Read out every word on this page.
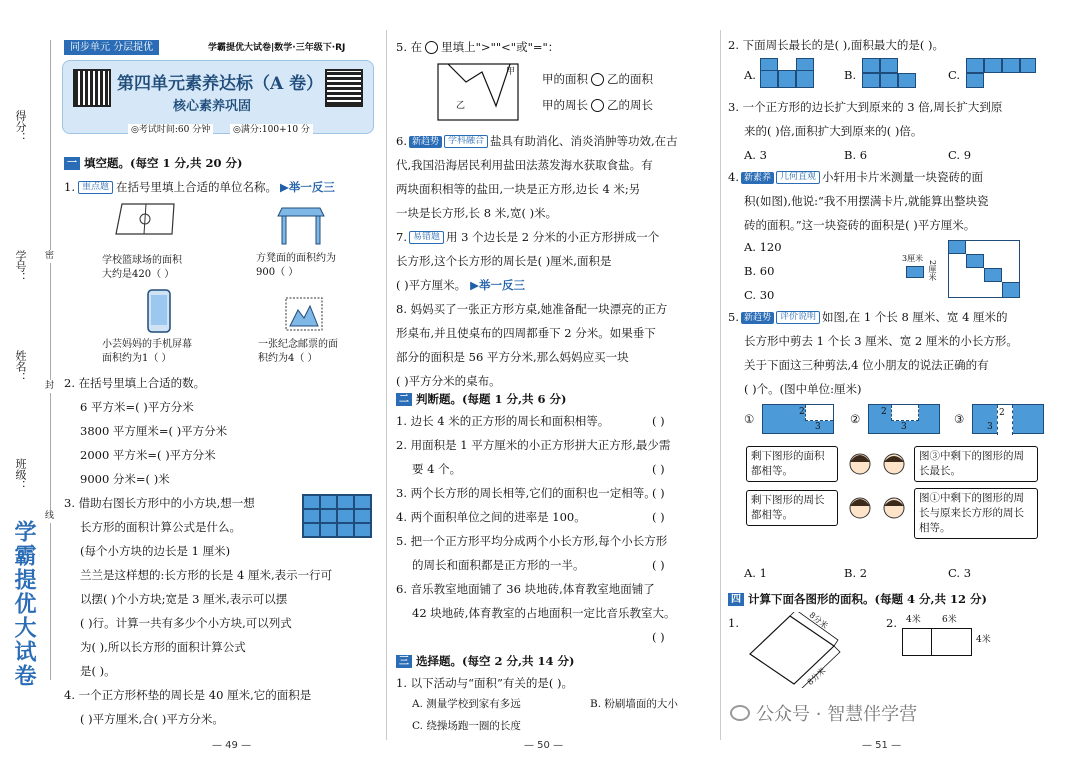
得分：
学号：
姓名：
班级：
密
封
线
学霸提优大试卷
同步单元 分层提优	学霸提优大试卷|数学·三年级下·RJ
第四单元素养达标（A 卷）
核心素养巩固
◎考试时间:60 分钟	◎满分:100+10 分
一 填空题。(每空 1 分,共 20 分)
1. 重点题 在括号里填上合适的单位名称。 ▶举一反三
学校篮球场的面积
大约是420（ ）
方凳面的面积约为
900（ ）
小芸妈妈的手机屏幕
面积约为1（ ）
一张纪念邮票的面
积约为4（ ）
2. 在括号里填上合适的数。
6 平方米=( )平方分米
3800 平方厘米=( )平方分米
2000 平方米=( )平方分米
9000 分米=( )米
3. 借助右图长方形中的小方块,想一想
长方形的面积计算公式是什么。
(每个小方块的边长是 1 厘米)
兰兰是这样想的:长方形的长是 4 厘米,表示一行可
以摆( )个小方块;宽是 3 厘米,表示可以摆
( )行。计算一共有多少个小方块,可以列式
为( ),所以长方形的面积计算公式
是( )。
4. 一个正方形杯垫的周长是 40 厘米,它的面积是
( )平方厘米,合( )平方分米。
— 49 —
5. 在 里填上">""<"或"="：
甲
乙
甲的面积 乙的面积
甲的周长 乙的周长
6. 新趋势	学科融合 盐具有助消化、消炎消肿等功效,在古
代,我国沿海居民利用盐田法蒸发海水获取食盐。有
两块面积相等的盐田,一块是正方形,边长 4 米;另
一块是长方形,长 8 米,宽( )米。
7. 易错题 用 3 个边长是 2 分米的小正方形拼成一个
长方形,这个长方形的周长是( )厘米,面积是
( )平方厘米。 ▶举一反三
8. 妈妈买了一张正方形方桌,她准备配一块漂亮的正方
形桌布,并且使桌布的四周都垂下 2 分米。如果垂下
部分的面积是 56 平方分米,那么妈妈应买一块
( )平方分米的桌布。
二 判断题。(每题 1 分,共 6 分)
1. 边长 4 米的正方形的周长和面积相等。	( )
2. 用面积是 1 平方厘米的小正方形拼大正方形,最少需
要 4 个。	( )
3. 两个长方形的周长相等,它们的面积也一定相等。
( )
4. 两个面积单位之间的进率是 100。	( )
5. 把一个正方形平均分成两个小长方形,每个小长方形
的周长和面积都是正方形的一半。	( )
6. 音乐教室地面铺了 36 块地砖,体育教室地面铺了
42 块地砖,体育教室的占地面积一定比音乐教室大。
( )
三 选择题。(每空 2 分,共 14 分)
1. 以下活动与“面积”有关的是( )。
A. 测量学校到家有多远	B. 粉刷墙面的大小
C. 绕操场跑一圈的长度
— 50 —
2. 下面周长最长的是( ),面积最大的是( )。
A.	B.	C.
3. 一个正方形的边长扩大到原来的 3 倍,周长扩大到原
来的( )倍,面积扩大到原来的( )倍。
A. 3	B. 6	C. 9
4. 新素养	几何直观 小轩用卡片米测量一块瓷砖的面
积(如图),他说:“我不用摆满卡片,就能算出整块瓷
砖的面积。”这一块瓷砖的面积是( )平方厘米。
A. 120
B. 60
C. 30
3厘米
2厘米
5. 新趋势	评价说明 如图,在 1 个长 8 厘米、宽 4 厘米的
长方形中剪去 1 个长 3 厘米、宽 2 厘米的小长方形。
关于下面这三种剪法,4 位小朋友的说法正确的有
( )个。(图中单位:厘米)
①	2
3
② 2
3
③	2
3
剩下图形的面积都相等。
图③中剩下的图形的周长最长。
剩下图形的周长都相等。
图①中剩下的图形的周长与原来长方形的周长相等。
A. 1	B. 2	C. 3
四 计算下面各图形的面积。(每题 4 分,共 12 分)
1.	8分米
8分米
2. 4米 6米
4米
公众号 · 智慧伴学营
— 51 —
